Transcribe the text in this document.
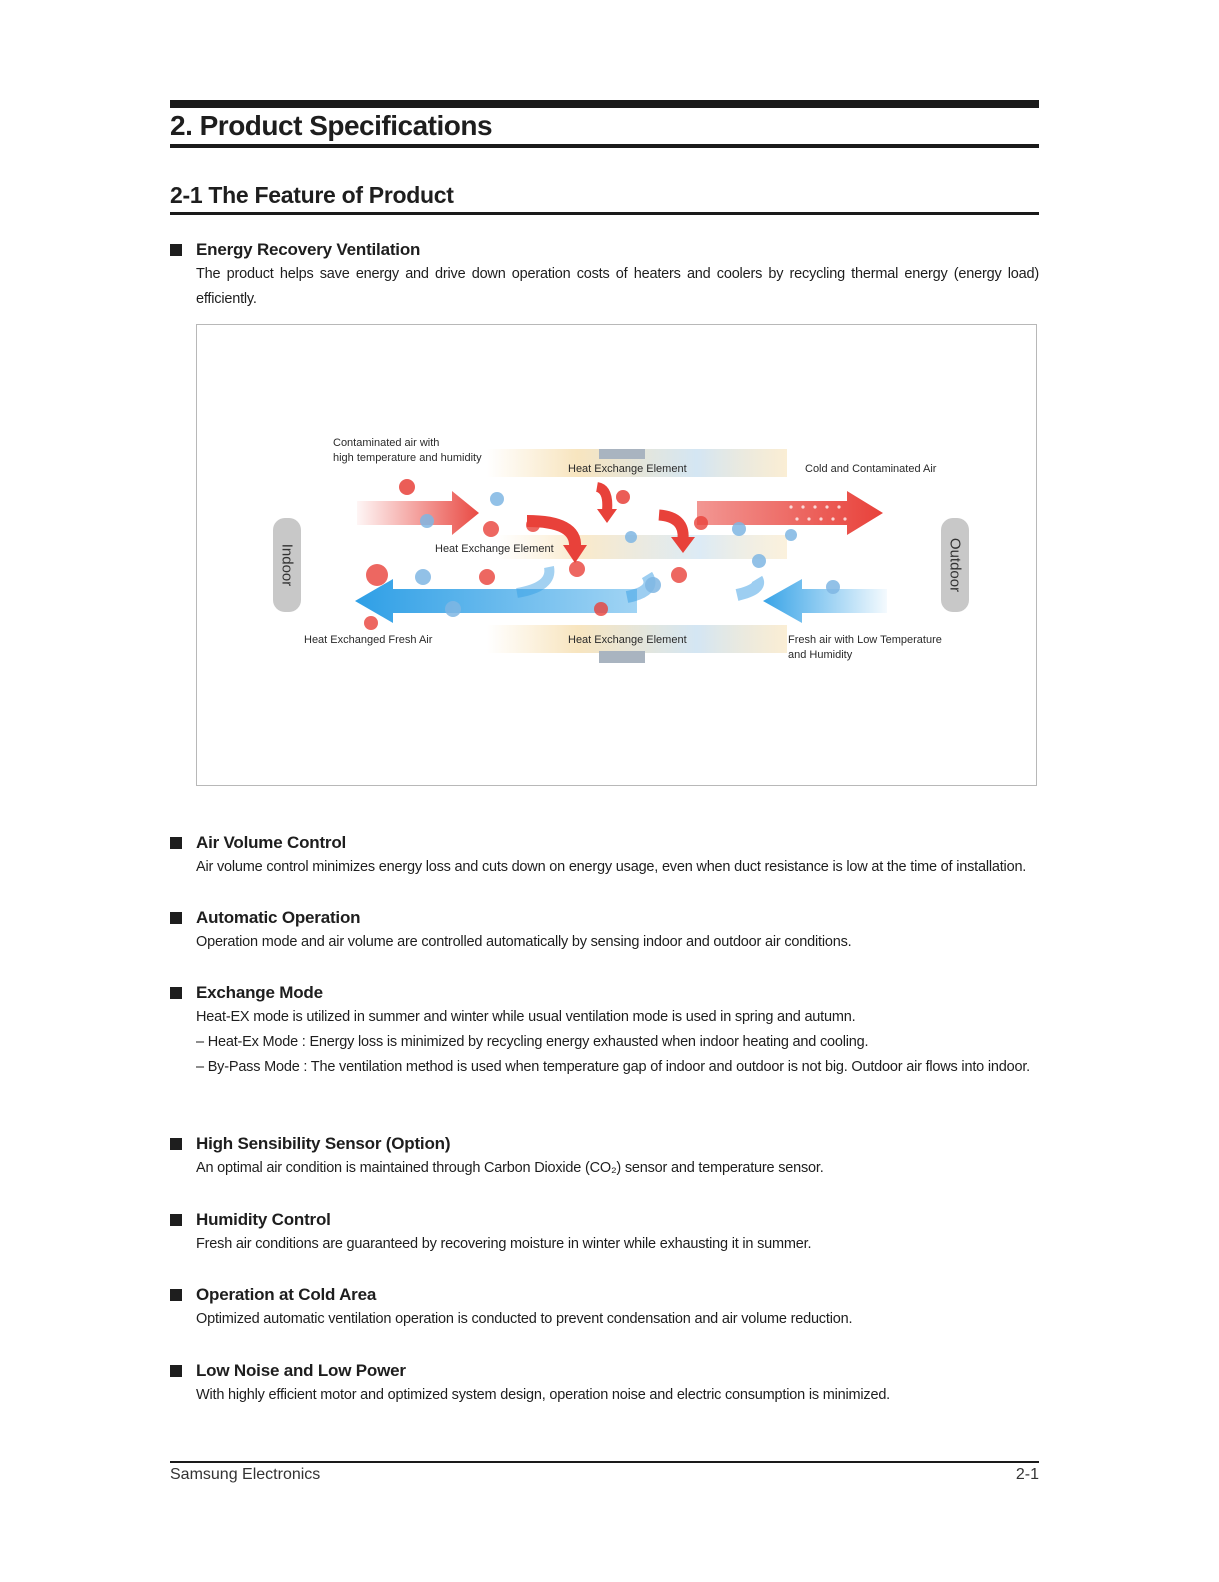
2. Product Specifications
2-1 The Feature of Product
Energy Recovery Ventilation
The product helps save energy and drive down operation costs of heaters and coolers by recycling thermal energy (energy load) efficiently.
Indoor	Outdoor
Contaminated air with
high temperature and humidity
Heat Exchange Element	Cold and Contaminated Air
Heat Exchange Element
Heat Exchanged Fresh Air	Heat Exchange Element	Fresh air with Low Temperature
and Humidity
Air Volume Control
Air volume control minimizes energy loss and cuts down on energy usage, even when duct resistance is low at the time of installation.
Automatic Operation
Operation mode and air volume are controlled automatically by sensing indoor and outdoor air conditions.
Exchange Mode

Heat-EX mode is utilized in summer and winter while usual ventilation mode is used in spring and autumn.

– Heat-Ex Mode : Energy loss is minimized by recycling energy exhausted when indoor heating and cooling.

– By-Pass Mode : The ventilation method is used when temperature gap of indoor and outdoor is not big. Outdoor air flows into indoor.

High Sensibility Sensor (Option)
An optimal air condition is maintained through Carbon Dioxide (CO₂) sensor and temperature sensor.
Humidity Control
Fresh air conditions are guaranteed by recovering moisture in winter while exhausting it in summer.
Operation at Cold Area
Optimized automatic ventilation operation is conducted to prevent condensation and air volume reduction.
Low Noise and Low Power
With highly efficient motor and optimized system design, operation noise and electric consumption is minimized.
Samsung Electronics	2-1
